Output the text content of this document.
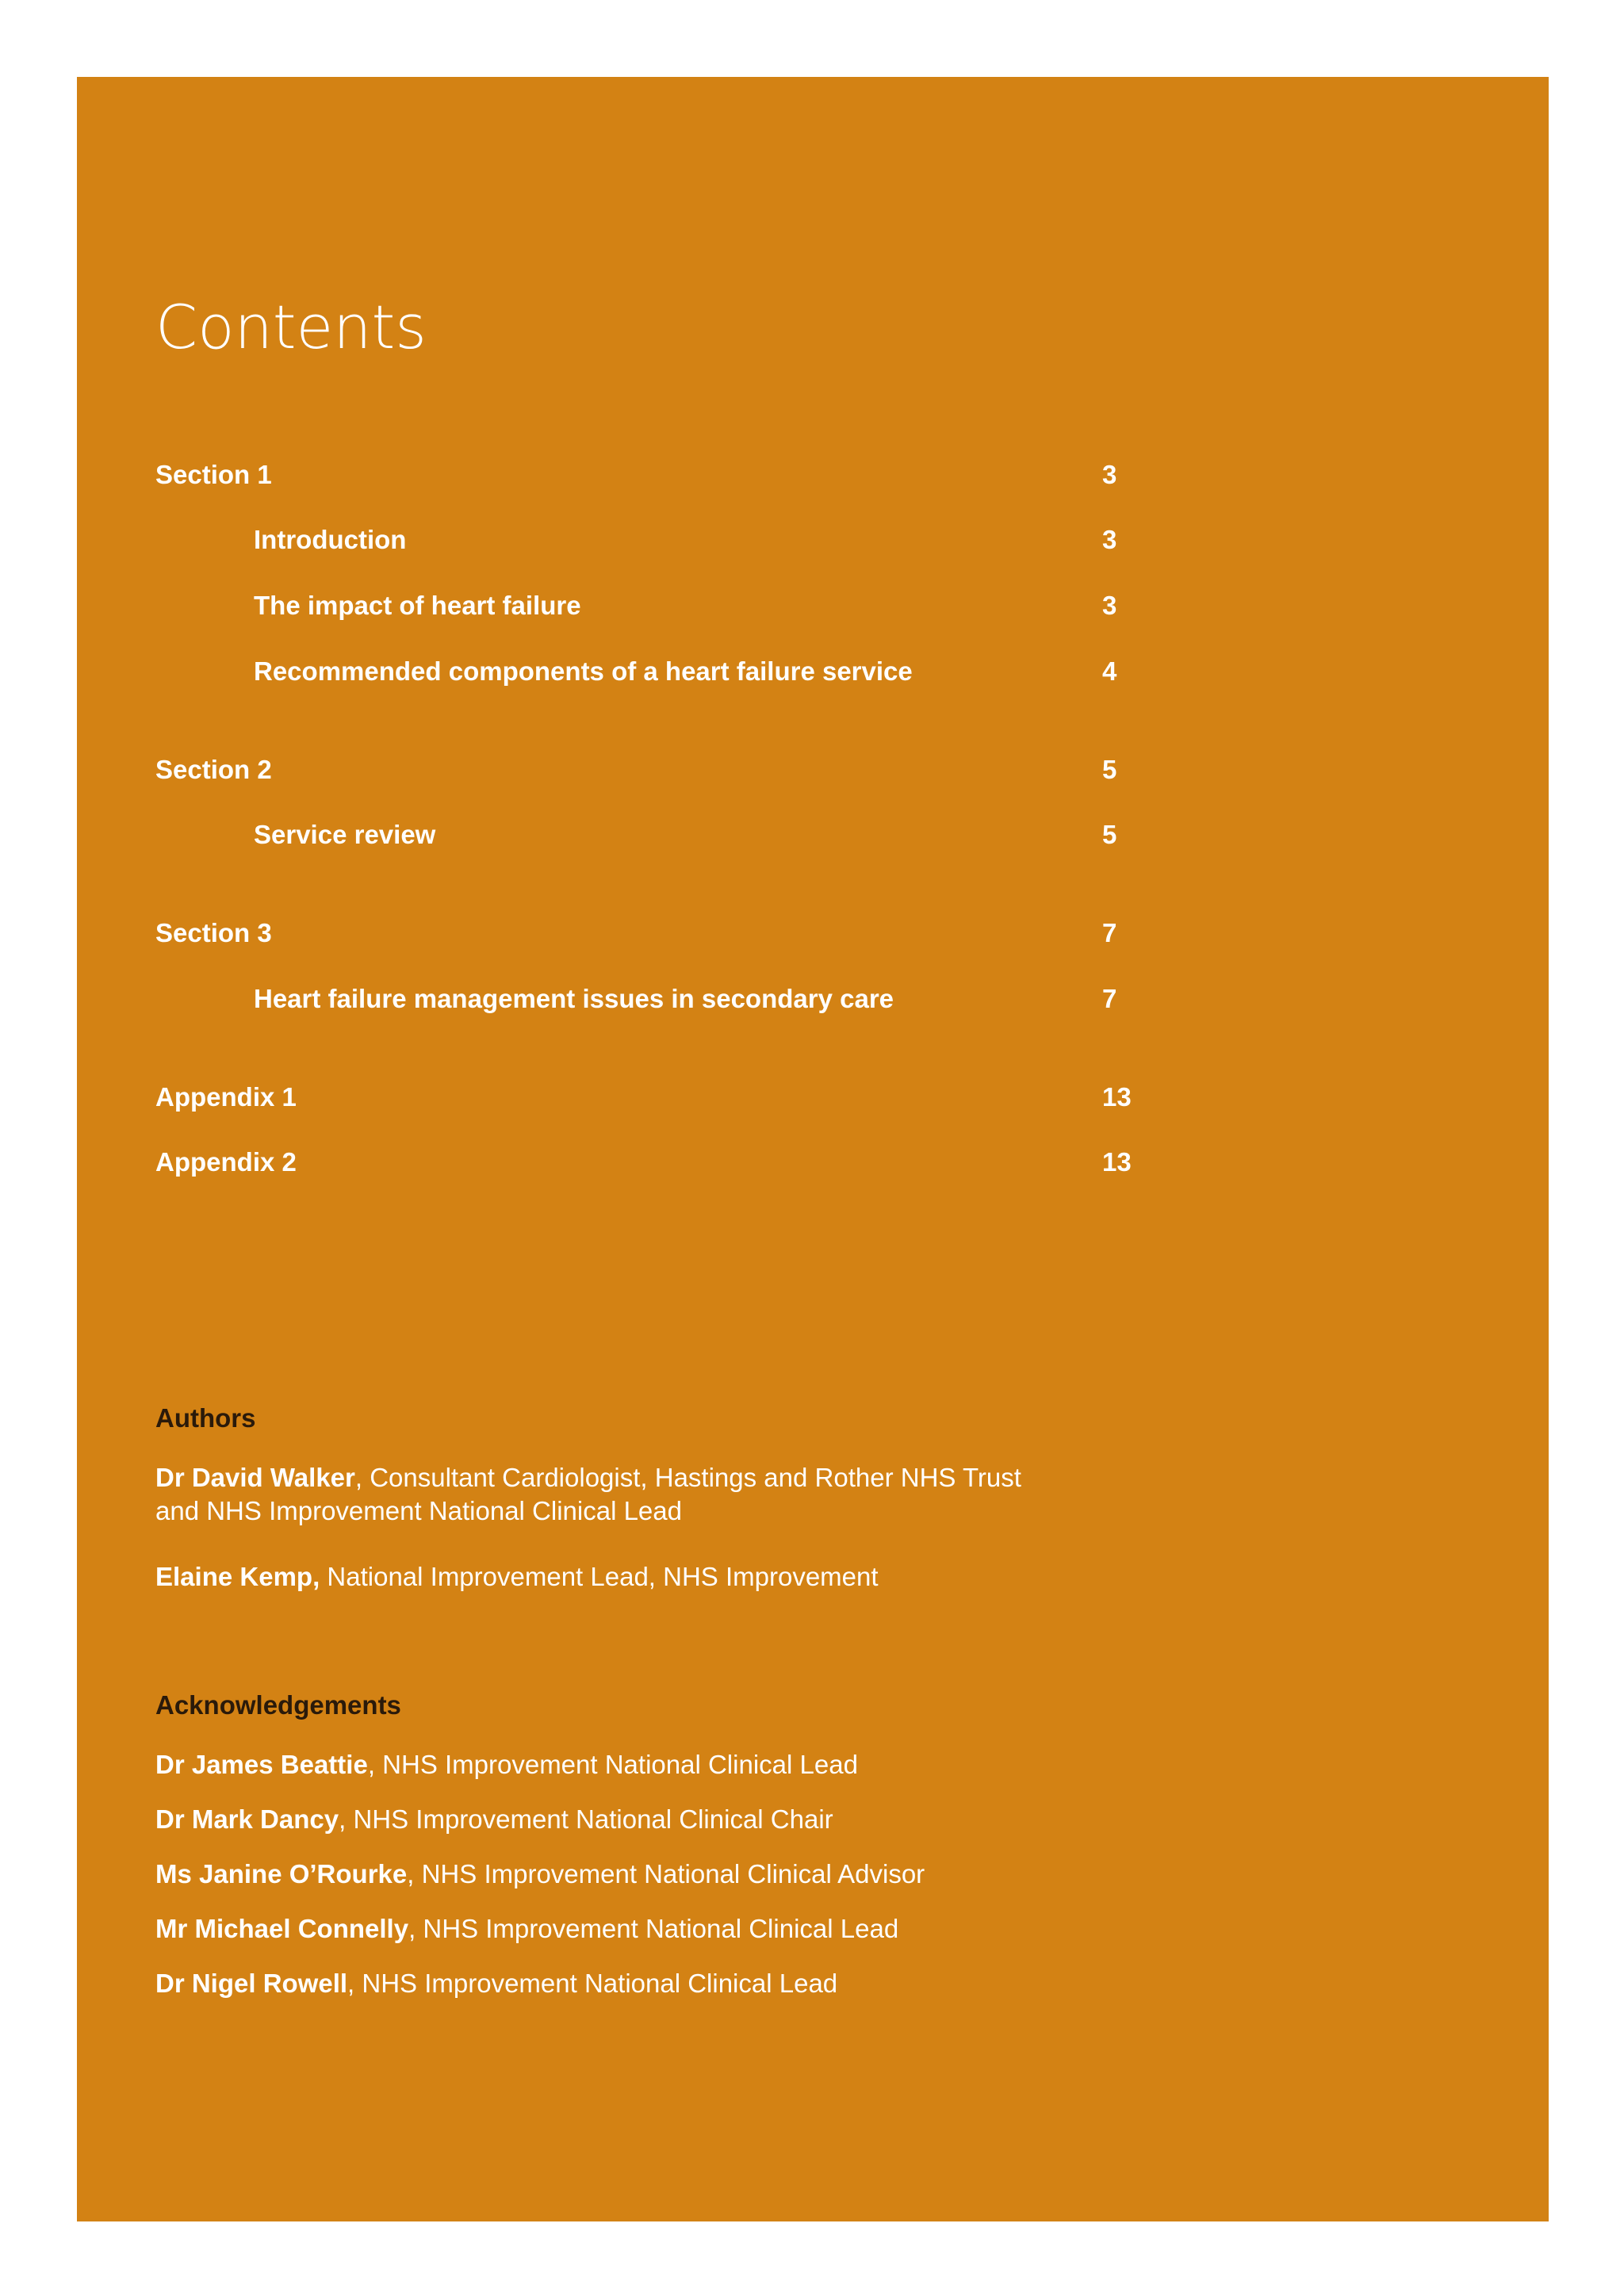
Contents
Section 1	3
Introduction	3
The impact of heart failure	3
Recommended components of a heart failure service	4
Section 2	5
Service review	5
Section 3	7
Heart failure management issues in secondary care	7
Appendix 1	13
Appendix 2	13
Authors
Dr David Walker, Consultant Cardiologist, Hastings and Rother NHS Trust
and NHS Improvement National Clinical Lead
Elaine Kemp, National Improvement Lead, NHS Improvement
Acknowledgements
Dr James Beattie, NHS Improvement National Clinical Lead
Dr Mark Dancy, NHS Improvement National Clinical Chair
Ms Janine O’Rourke, NHS Improvement National Clinical Advisor
Mr Michael Connelly, NHS Improvement National Clinical Lead
Dr Nigel Rowell, NHS Improvement National Clinical Lead
